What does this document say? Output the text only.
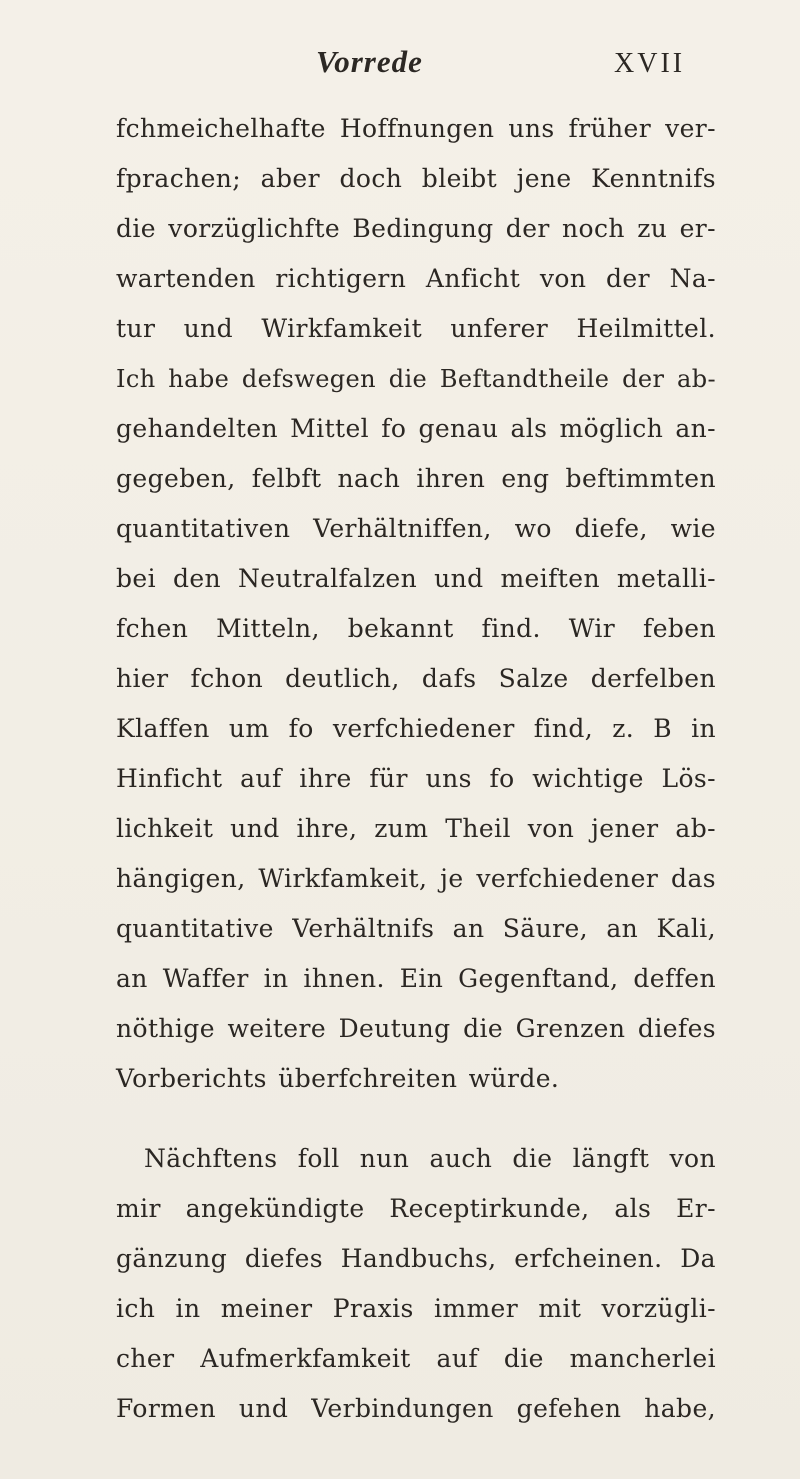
Vorrede	XVII
fchmeichelhafte Hoffnungen uns früher ver-
fprachen; aber doch bleibt jene Kenntnifs
die vorzüglichfte Bedingung der noch zu er-
wartenden richtigern Anficht von der Na-
tur und Wirkfamkeit unferer Heilmittel.
Ich habe defswegen die Beftandtheile der ab-
gehandelten Mittel fo genau als möglich an-
gegeben, felbft nach ihren eng beftimmten
quantitativen Verhältniffen, wo diefe, wie
bei den Neutralfalzen und meiften metalli-
fchen Mitteln, bekannt find. Wir feben
hier fchon deutlich, dafs Salze derfelben
Klaffen um fo verfchiedener find, z. B in
Hinficht auf ihre für uns fo wichtige Lös-
lichkeit und ihre, zum Theil von jener ab-
hängigen, Wirkfamkeit, je verfchiedener das
quantitative Verhältnifs an Säure, an Kali,
an Waffer in ihnen. Ein Gegenftand, deffen
nöthige weitere Deutung die Grenzen diefes
Vorberichts überfchreiten würde.
Nächftens foll nun auch die längft von
mir angekündigte Receptirkunde, als Er-
gänzung diefes Handbuchs, erfcheinen. Da
ich in meiner Praxis immer mit vorzügli-
cher Aufmerkfamkeit auf die mancherlei
Formen und Verbindungen gefehen habe,
